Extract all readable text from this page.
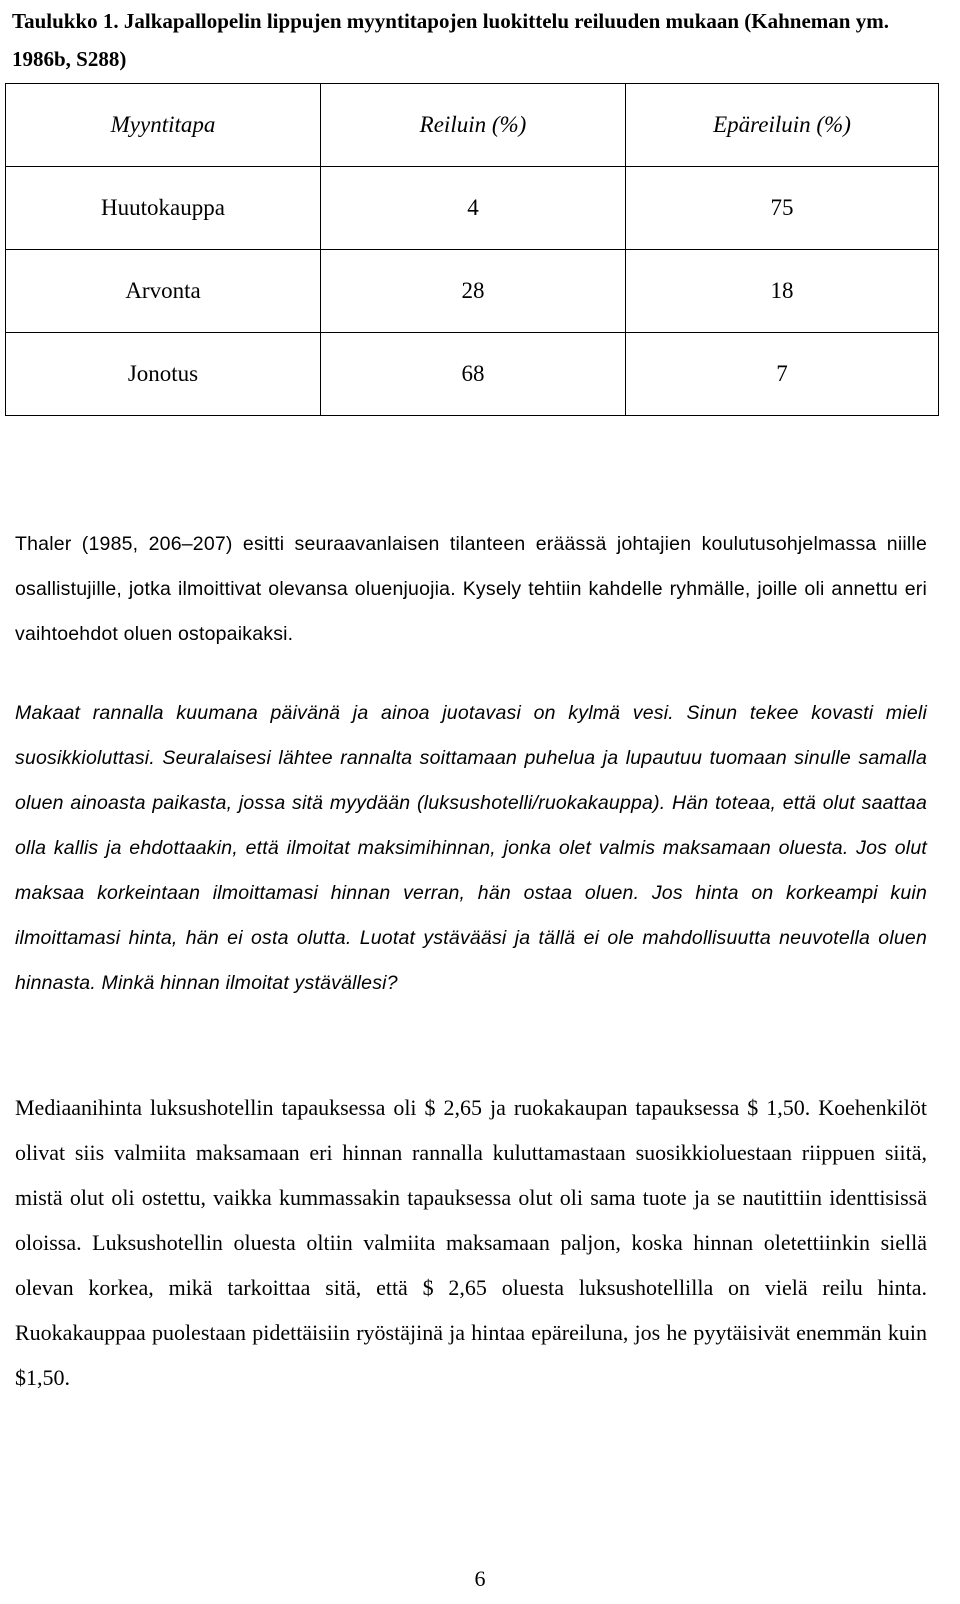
Taulukko 1. Jalkapallopelin lippujen myyntitapojen luokittelu reiluuden mukaan (Kahneman ym. 1986b, S288)

Myyntitapa	Reiluin (%)	Epäreiluin (%)
Huutokauppa	4	75
Arvonta	28	18
Jonotus	68	7

Thaler (1985, 206–207) esitti seuraavanlaisen tilanteen eräässä johtajien koulutusohjelmassa niille osallistujille, jotka ilmoittivat olevansa oluenjuojia. Kysely tehtiin kahdelle ryhmälle, joille oli annettu eri vaihtoehdot oluen ostopaikaksi.

Makaat rannalla kuumana päivänä ja ainoa juotavasi on kylmä vesi. Sinun tekee kovasti mieli suosikkioluttasi. Seuralaisesi lähtee rannalta soittamaan puhelua ja lupautuu tuomaan sinulle samalla oluen ainoasta paikasta, jossa sitä myydään (luksushotelli/ruokakauppa). Hän toteaa, että olut saattaa olla kallis ja ehdottaakin, että ilmoitat maksimihinnan, jonka olet valmis maksamaan oluesta. Jos olut maksaa korkeintaan ilmoittamasi hinnan verran, hän ostaa oluen. Jos hinta on korkeampi kuin ilmoittamasi hinta, hän ei osta olutta. Luotat ystävääsi ja tällä ei ole mahdollisuutta neuvotella oluen hinnasta. Minkä hinnan ilmoitat ystävällesi?

Mediaanihinta luksushotellin tapauksessa oli $ 2,65 ja ruokakaupan tapauksessa $ 1,50. Koehenkilöt olivat siis valmiita maksamaan eri hinnan rannalla kuluttamastaan suosikkioluestaan riippuen siitä, mistä olut oli ostettu, vaikka kummassakin tapauksessa olut oli sama tuote ja se nautittiin identtisissä oloissa. Luksushotellin oluesta oltiin valmiita maksamaan paljon, koska hinnan oletettiinkin siellä olevan korkea, mikä tarkoittaa sitä, että $ 2,65 oluesta luksushotellilla on vielä reilu hinta. Ruokakauppaa puolestaan pidettäisiin ryöstäjinä ja hintaa epäreiluna, jos he pyytäisivät enemmän kuin $1,50.

6
